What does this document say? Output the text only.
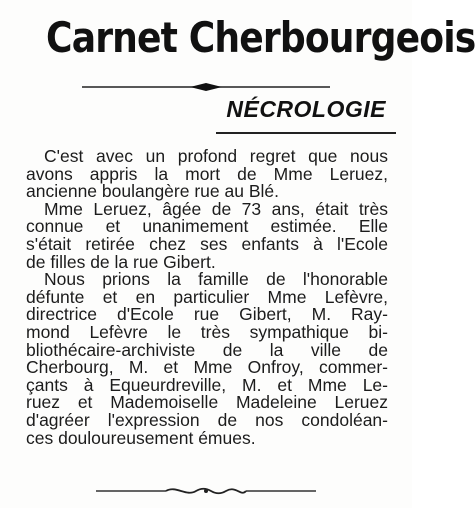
Carnet Cherbourgeois
NÉCROLOGIE
C'est avec un profond regret que nous
avons appris la mort de Mme Leruez,
ancienne boulangère rue au Blé.
Mme Leruez, âgée de 73 ans, était très
connue et unanimement estimée. Elle
s'était retirée chez ses enfants à l'Ecole
de filles de la rue Gibert.
Nous prions la famille de l'honorable
défunte et en particulier Mme Lefèvre,
directrice d'Ecole rue Gibert, M. Ray-
mond Lefèvre le très sympathique bi-
bliothécaire-archiviste de la ville de
Cherbourg, M. et Mme Onfroy, commer-
çants à Equeurdreville, M. et Mme Le-
ruez et Mademoiselle Madeleine Leruez
d'agréer l'expression de nos condoléan-
ces douloureusement émues.
